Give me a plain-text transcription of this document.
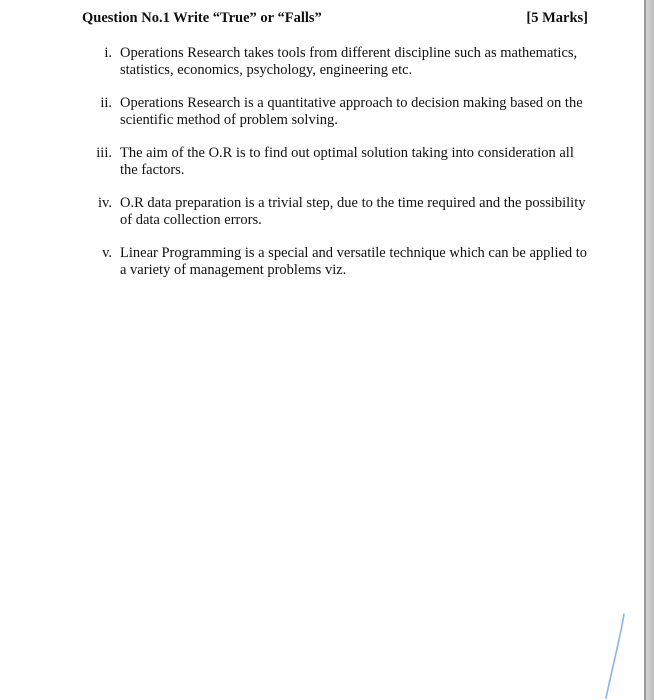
Question No.1 Write “True” or “Falls”	[5 Marks]
i. Operations Research takes tools from different discipline such as mathematics, statistics, economics, psychology, engineering etc.
ii. Operations Research is a quantitative approach to decision making based on the scientific method of problem solving.
iii. The aim of the O.R is to find out optimal solution taking into consideration all the factors.
iv. O.R data preparation is a trivial step, due to the time required and the possibility of data collection errors.
v. Linear Programming is a special and versatile technique which can be applied to a variety of management problems viz.
